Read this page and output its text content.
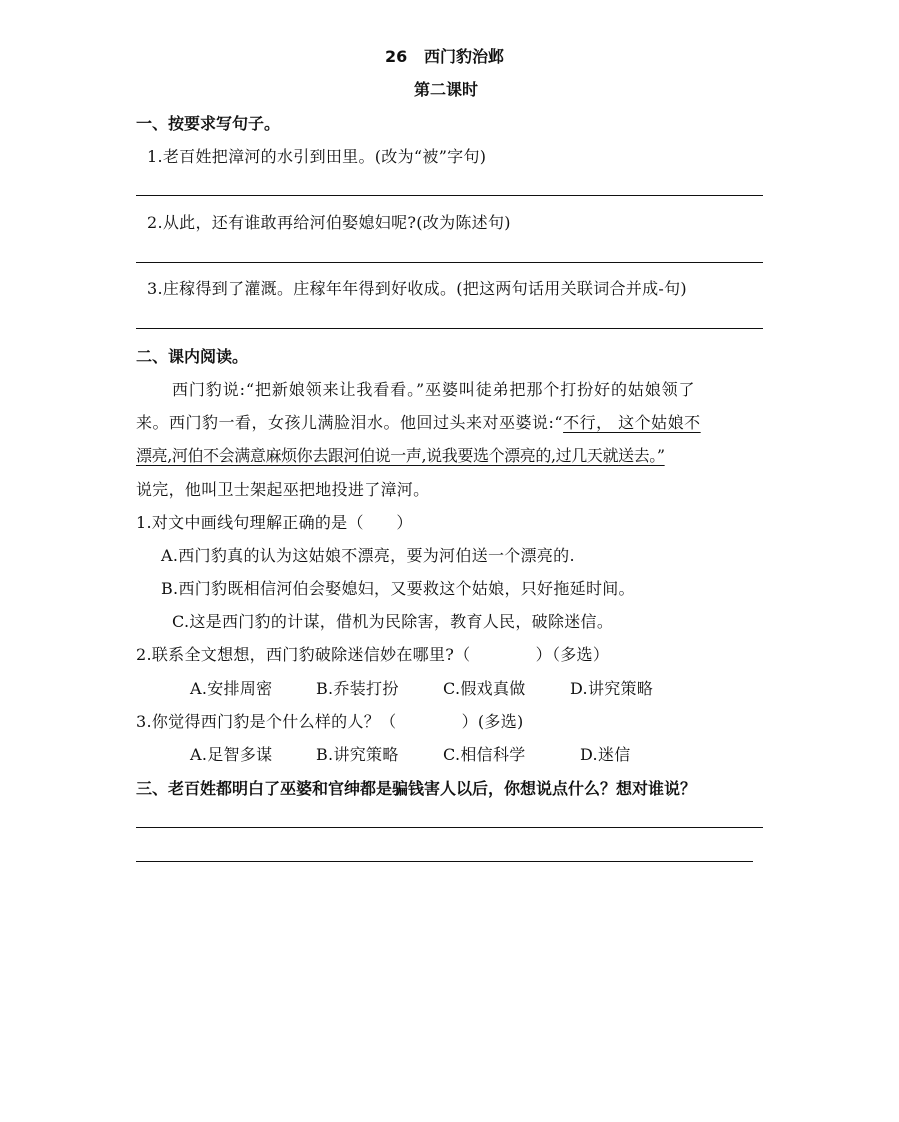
26   西门豹治邺
第二课时
一、按要求写句子。
1.老百姓把漳河的水引到田里。(改为“被”字句)
2.从此，还有谁敢再给河伯娶媳妇呢?(改为陈述句)
3.庄稼得到了灌溉。庄稼年年得到好收成。(把这两句话用关联词合并成-句)
二、课内阅读。
西门豹说:“把新娘领来让我看看。”巫婆叫徒弟把那个打扮好的姑娘领了
来。西门豹一看，女孩儿满脸泪水。他回过头来对巫婆说:“不行， 这个姑娘不
漂亮,河伯不会满意麻烦你去跟河伯说一声,说我要选个漂亮的,过几天就送去。”
说完，他叫卫士架起巫把地投进了漳河。
1.对文中画线句理解正确的是（　　）
A.西门豹真的认为这姑娘不漂亮，要为河伯送一个漂亮的.
B.西门豹既相信河伯会娶媳妇，又要救这个姑娘，只好拖延时间。
C.这是西门豹的计谋，借机为民除害，教育人民，破除迷信。
2.联系全文想想，西门豹破除迷信妙在哪里?（　　　　）（多选）
A.安排周密	B.乔装打扮	C.假戏真做	D.讲究策略
3.你觉得西门豹是个什么样的人？（　　　　）(多选)
A.足智多谋	B.讲究策略	C.相信科学	D.迷信
三、老百姓都明白了巫婆和官绅都是骗钱害人以后，你想说点什么？想对谁说？
